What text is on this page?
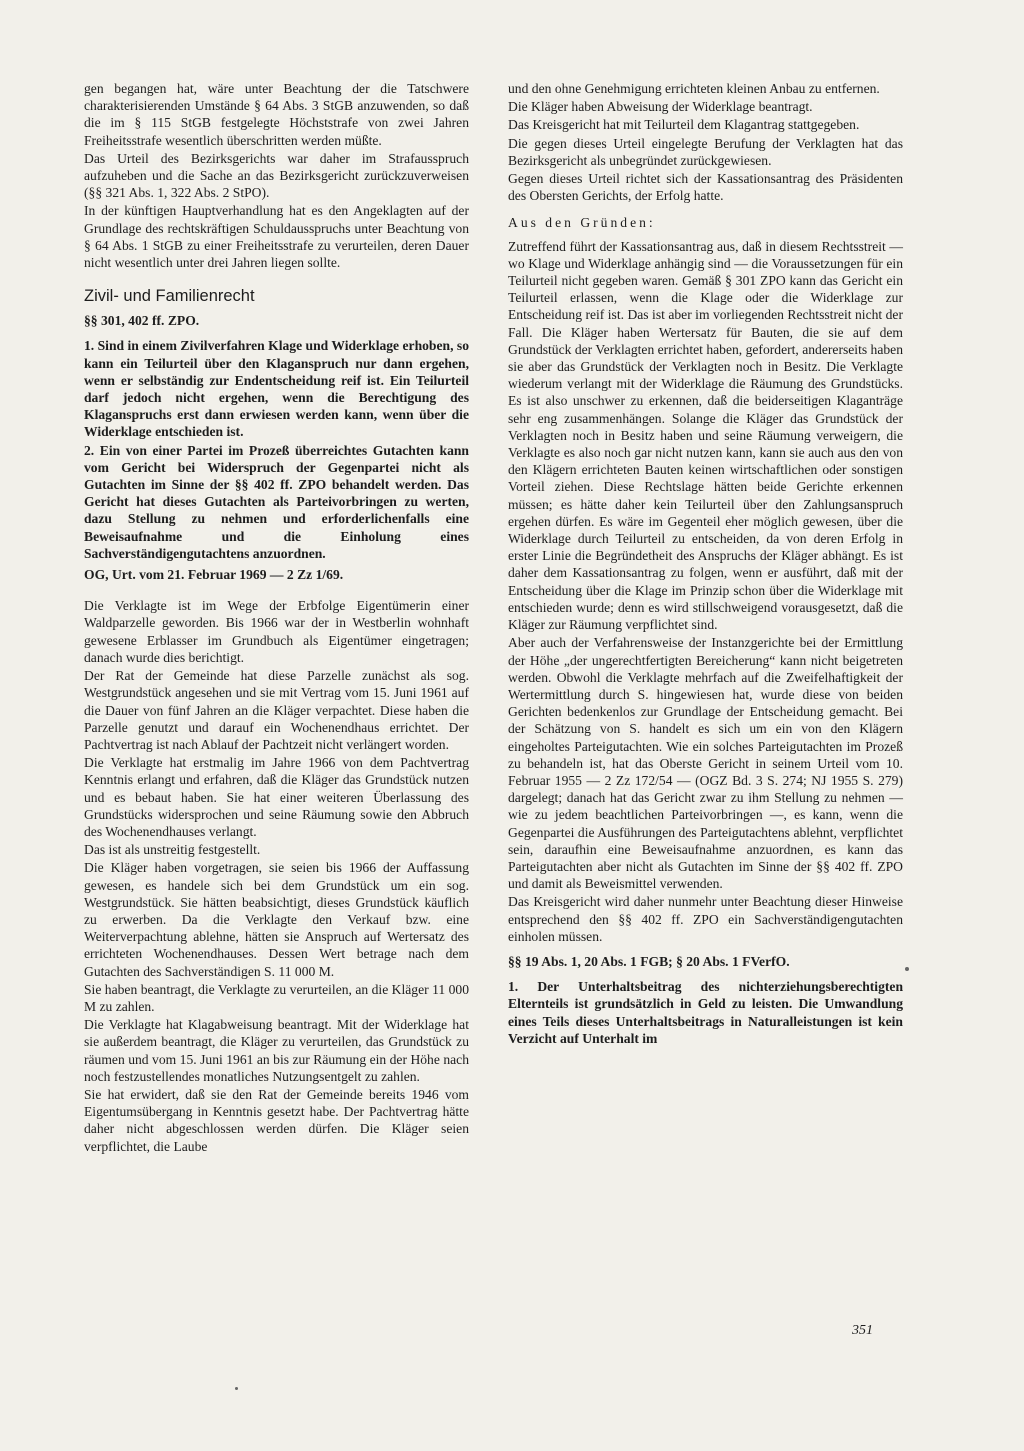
gen begangen hat, wäre unter Beachtung der die Tatschwere charakterisierenden Umstände § 64 Abs. 3 StGB anzuwenden, so daß die im § 115 StGB festgelegte Höchststrafe von zwei Jahren Freiheitsstrafe wesentlich überschritten werden müßte.

Das Urteil des Bezirksgerichts war daher im Strafausspruch aufzuheben und die Sache an das Bezirksgericht zurückzuverweisen (§§ 321 Abs. 1, 322 Abs. 2 StPO).

In der künftigen Hauptverhandlung hat es den Angeklagten auf der Grundlage des rechtskräftigen Schuldausspruchs unter Beachtung von § 64 Abs. 1 StGB zu einer Freiheitsstrafe zu verurteilen, deren Dauer nicht wesentlich unter drei Jahren liegen sollte.

Zivil- und Familienrecht

§§ 301, 402 ff. ZPO.

1. Sind in einem Zivilverfahren Klage und Widerklage erhoben, so kann ein Teilurteil über den Klaganspruch nur dann ergehen, wenn er selbständig zur Endentscheidung reif ist. Ein Teilurteil darf jedoch nicht ergehen, wenn die Berechtigung des Klaganspruchs erst dann erwiesen werden kann, wenn über die Widerklage entschieden ist.

2. Ein von einer Partei im Prozeß überreichtes Gutachten kann vom Gericht bei Widerspruch der Gegenpartei nicht als Gutachten im Sinne der §§ 402 ff. ZPO behandelt werden. Das Gericht hat dieses Gutachten als Parteivorbringen zu werten, dazu Stellung zu nehmen und erforderlichenfalls eine Beweisaufnahme und die Einholung eines Sachverständigengutachtens anzuordnen.

OG, Urt. vom 21. Februar 1969 — 2 Zz 1/69.

Die Verklagte ist im Wege der Erbfolge Eigentümerin einer Waldparzelle geworden. Bis 1966 war der in Westberlin wohnhaft gewesene Erblasser im Grundbuch als Eigentümer eingetragen; danach wurde dies berichtigt.

Der Rat der Gemeinde hat diese Parzelle zunächst als sog. Westgrundstück angesehen und sie mit Vertrag vom 15. Juni 1961 auf die Dauer von fünf Jahren an die Kläger verpachtet. Diese haben die Parzelle genutzt und darauf ein Wochenendhaus errichtet. Der Pachtvertrag ist nach Ablauf der Pachtzeit nicht verlängert worden.

Die Verklagte hat erstmalig im Jahre 1966 von dem Pachtvertrag Kenntnis erlangt und erfahren, daß die Kläger das Grundstück nutzen und es bebaut haben. Sie hat einer weiteren Überlassung des Grundstücks widersprochen und seine Räumung sowie den Abbruch des Wochenendhauses verlangt.

Das ist als unstreitig festgestellt.

Die Kläger haben vorgetragen, sie seien bis 1966 der Auffassung gewesen, es handele sich bei dem Grundstück um ein sog. Westgrundstück. Sie hätten beabsichtigt, dieses Grundstück käuflich zu erwerben. Da die Verklagte den Verkauf bzw. eine Weiterverpachtung ablehne, hätten sie Anspruch auf Wertersatz des errichteten Wochenendhauses. Dessen Wert betrage nach dem Gutachten des Sachverständigen S. 11 000 M.

Sie haben beantragt, die Verklagte zu verurteilen, an die Kläger 11 000 M zu zahlen.

Die Verklagte hat Klagabweisung beantragt. Mit der Widerklage hat sie außerdem beantragt, die Kläger zu verurteilen, das Grundstück zu räumen und vom 15. Juni 1961 an bis zur Räumung ein der Höhe nach noch festzustellendes monatliches Nutzungsentgelt zu zahlen.

Sie hat erwidert, daß sie den Rat der Gemeinde bereits 1946 vom Eigentumsübergang in Kenntnis gesetzt habe. Der Pachtvertrag hätte daher nicht abgeschlossen werden dürfen. Die Kläger seien verpflichtet, die Laube

und den ohne Genehmigung errichteten kleinen Anbau zu entfernen.

Die Kläger haben Abweisung der Widerklage beantragt.

Das Kreisgericht hat mit Teilurteil dem Klagantrag stattgegeben.

Die gegen dieses Urteil eingelegte Berufung der Verklagten hat das Bezirksgericht als unbegründet zurückgewiesen.

Gegen dieses Urteil richtet sich der Kassationsantrag des Präsidenten des Obersten Gerichts, der Erfolg hatte.

Aus den Gründen:

Zutreffend führt der Kassationsantrag aus, daß in diesem Rechtsstreit — wo Klage und Widerklage anhängig sind — die Voraussetzungen für ein Teilurteil nicht gegeben waren. Gemäß § 301 ZPO kann das Gericht ein Teilurteil erlassen, wenn die Klage oder die Widerklage zur Entscheidung reif ist. Das ist aber im vorliegenden Rechtsstreit nicht der Fall. Die Kläger haben Wertersatz für Bauten, die sie auf dem Grundstück der Verklagten errichtet haben, gefordert, andererseits haben sie aber das Grundstück der Verklagten noch in Besitz. Die Verklagte wiederum verlangt mit der Widerklage die Räumung des Grundstücks. Es ist also unschwer zu erkennen, daß die beiderseitigen Klaganträge sehr eng zusammenhängen. Solange die Kläger das Grundstück der Verklagten noch in Besitz haben und seine Räumung verweigern, die Verklagte es also noch gar nicht nutzen kann, kann sie auch aus den von den Klägern errichteten Bauten keinen wirtschaftlichen oder sonstigen Vorteil ziehen. Diese Rechtslage hätten beide Gerichte erkennen müssen; es hätte daher kein Teilurteil über den Zahlungsanspruch ergehen dürfen. Es wäre im Gegenteil eher möglich gewesen, über die Widerklage durch Teilurteil zu entscheiden, da von deren Erfolg in erster Linie die Begründetheit des Anspruchs der Kläger abhängt. Es ist daher dem Kassationsantrag zu folgen, wenn er ausführt, daß mit der Entscheidung über die Klage im Prinzip schon über die Widerklage mit entschieden wurde; denn es wird stillschweigend vorausgesetzt, daß die Kläger zur Räumung verpflichtet sind.

Aber auch der Verfahrensweise der Instanzgerichte bei der Ermittlung der Höhe „der ungerechtfertigten Bereicherung“ kann nicht beigetreten werden. Obwohl die Verklagte mehrfach auf die Zweifelhaftigkeit der Wertermittlung durch S. hingewiesen hat, wurde diese von beiden Gerichten bedenkenlos zur Grundlage der Entscheidung gemacht. Bei der Schätzung von S. handelt es sich um ein von den Klägern eingeholtes Parteigutachten. Wie ein solches Parteigutachten im Prozeß zu behandeln ist, hat das Oberste Gericht in seinem Urteil vom 10. Februar 1955 — 2 Zz 172/54 — (OGZ Bd. 3 S. 274; NJ 1955 S. 279) dargelegt; danach hat das Gericht zwar zu ihm Stellung zu nehmen — wie zu jedem beachtlichen Parteivorbringen —, es kann, wenn die Gegenpartei die Ausführungen des Parteigutachtens ablehnt, verpflichtet sein, daraufhin eine Beweisaufnahme anzuordnen, es kann das Parteigutachten aber nicht als Gutachten im Sinne der §§ 402 ff. ZPO und damit als Beweismittel verwenden.

Das Kreisgericht wird daher nunmehr unter Beachtung dieser Hinweise entsprechend den §§ 402 ff. ZPO ein Sachverständigengutachten einholen müssen.

§§ 19 Abs. 1, 20 Abs. 1 FGB; § 20 Abs. 1 FVerfO.

1. Der Unterhaltsbeitrag des nichterziehungsberechtigten Elternteils ist grundsätzlich in Geld zu leisten. Die Umwandlung eines Teils dieses Unterhaltsbeitrags in Naturalleistungen ist kein Verzicht auf Unterhalt im

351
